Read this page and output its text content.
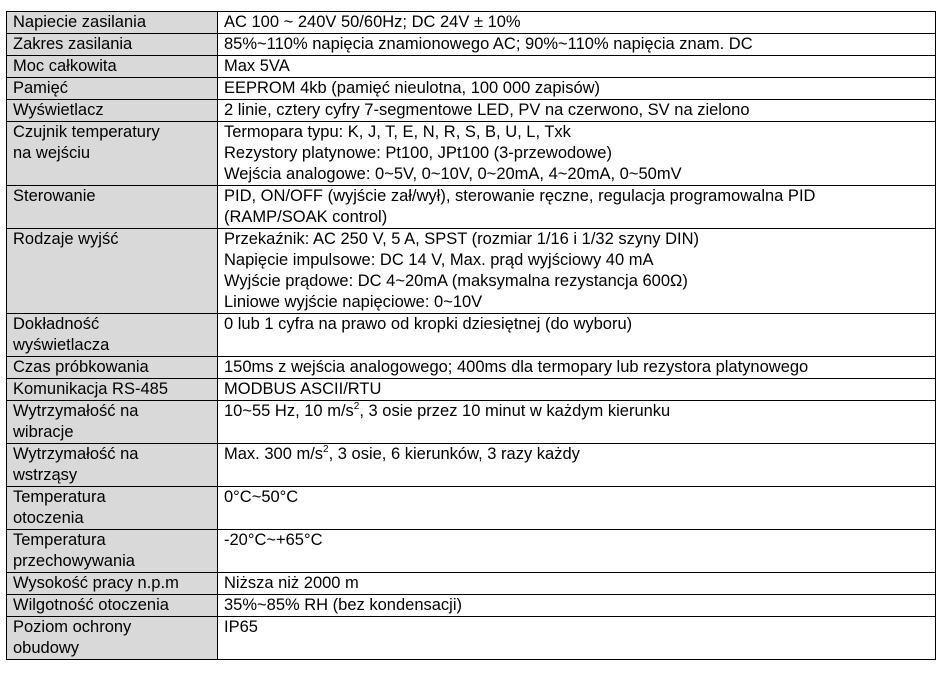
Napiecie zasilania	AC 100 ~ 240V 50/60Hz; DC 24V ± 10%

Zakres zasilania	85%~110% napięcia znamionowego AC; 90%~110% napięcia znam. DC

Moc całkowita	Max 5VA

Pamięć	EEPROM 4kb (pamięć nieulotna, 100 000 zapisów)

Wyświetlacz	2 linie, cztery cyfry 7-segmentowe LED, PV na czerwono, SV na zielono

Czujnik temperatury
na wejściu	Termopara typu: K, J, T, E, N, R, S, B, U, L, Txk
Rezystory platynowe: Pt100, JPt100 (3-przewodowe)
Wejścia analogowe: 0~5V, 0~10V, 0~20mA, 4~20mA, 0~50mV

Sterowanie	PID, ON/OFF (wyjście zał/wył), sterowanie ręczne, regulacja programowalna PID
(RAMP/SOAK control)

Rodzaje wyjść	Przekaźnik: AC 250 V, 5 A, SPST (rozmiar 1/16 i 1/32 szyny DIN)
Napięcie impulsowe: DC 14 V, Max. prąd wyjściowy 40 mA
Wyjście prądowe: DC 4~20mA (maksymalna rezystancja 600Ω)
Liniowe wyjście napięciowe: 0~10V

Dokładność
wyświetlacza	0 lub 1 cyfra na prawo od kropki dziesiętnej (do wyboru)

Czas próbkowania	150ms z wejścia analogowego; 400ms dla termopary lub rezystora platynowego

Komunikacja RS-485	MODBUS ASCII/RTU

Wytrzymałość na
wibracje	10~55 Hz, 10 $m/s^2$, 3 osie przez 10 minut w każdym kierunku

Wytrzymałość na
wstrząsy	Max. 300 $m/s^2$, 3 osie, 6 kierunków, 3 razy każdy

Temperatura
otoczenia	0°C~50°C

Temperatura
przechowywania	-20°C~+65°C

Wysokość pracy n.p.m	Niższa niż 2000 m

Wilgotność otoczenia	35%~85% RH (bez kondensacji)

Poziom ochrony
obudowy	IP65
